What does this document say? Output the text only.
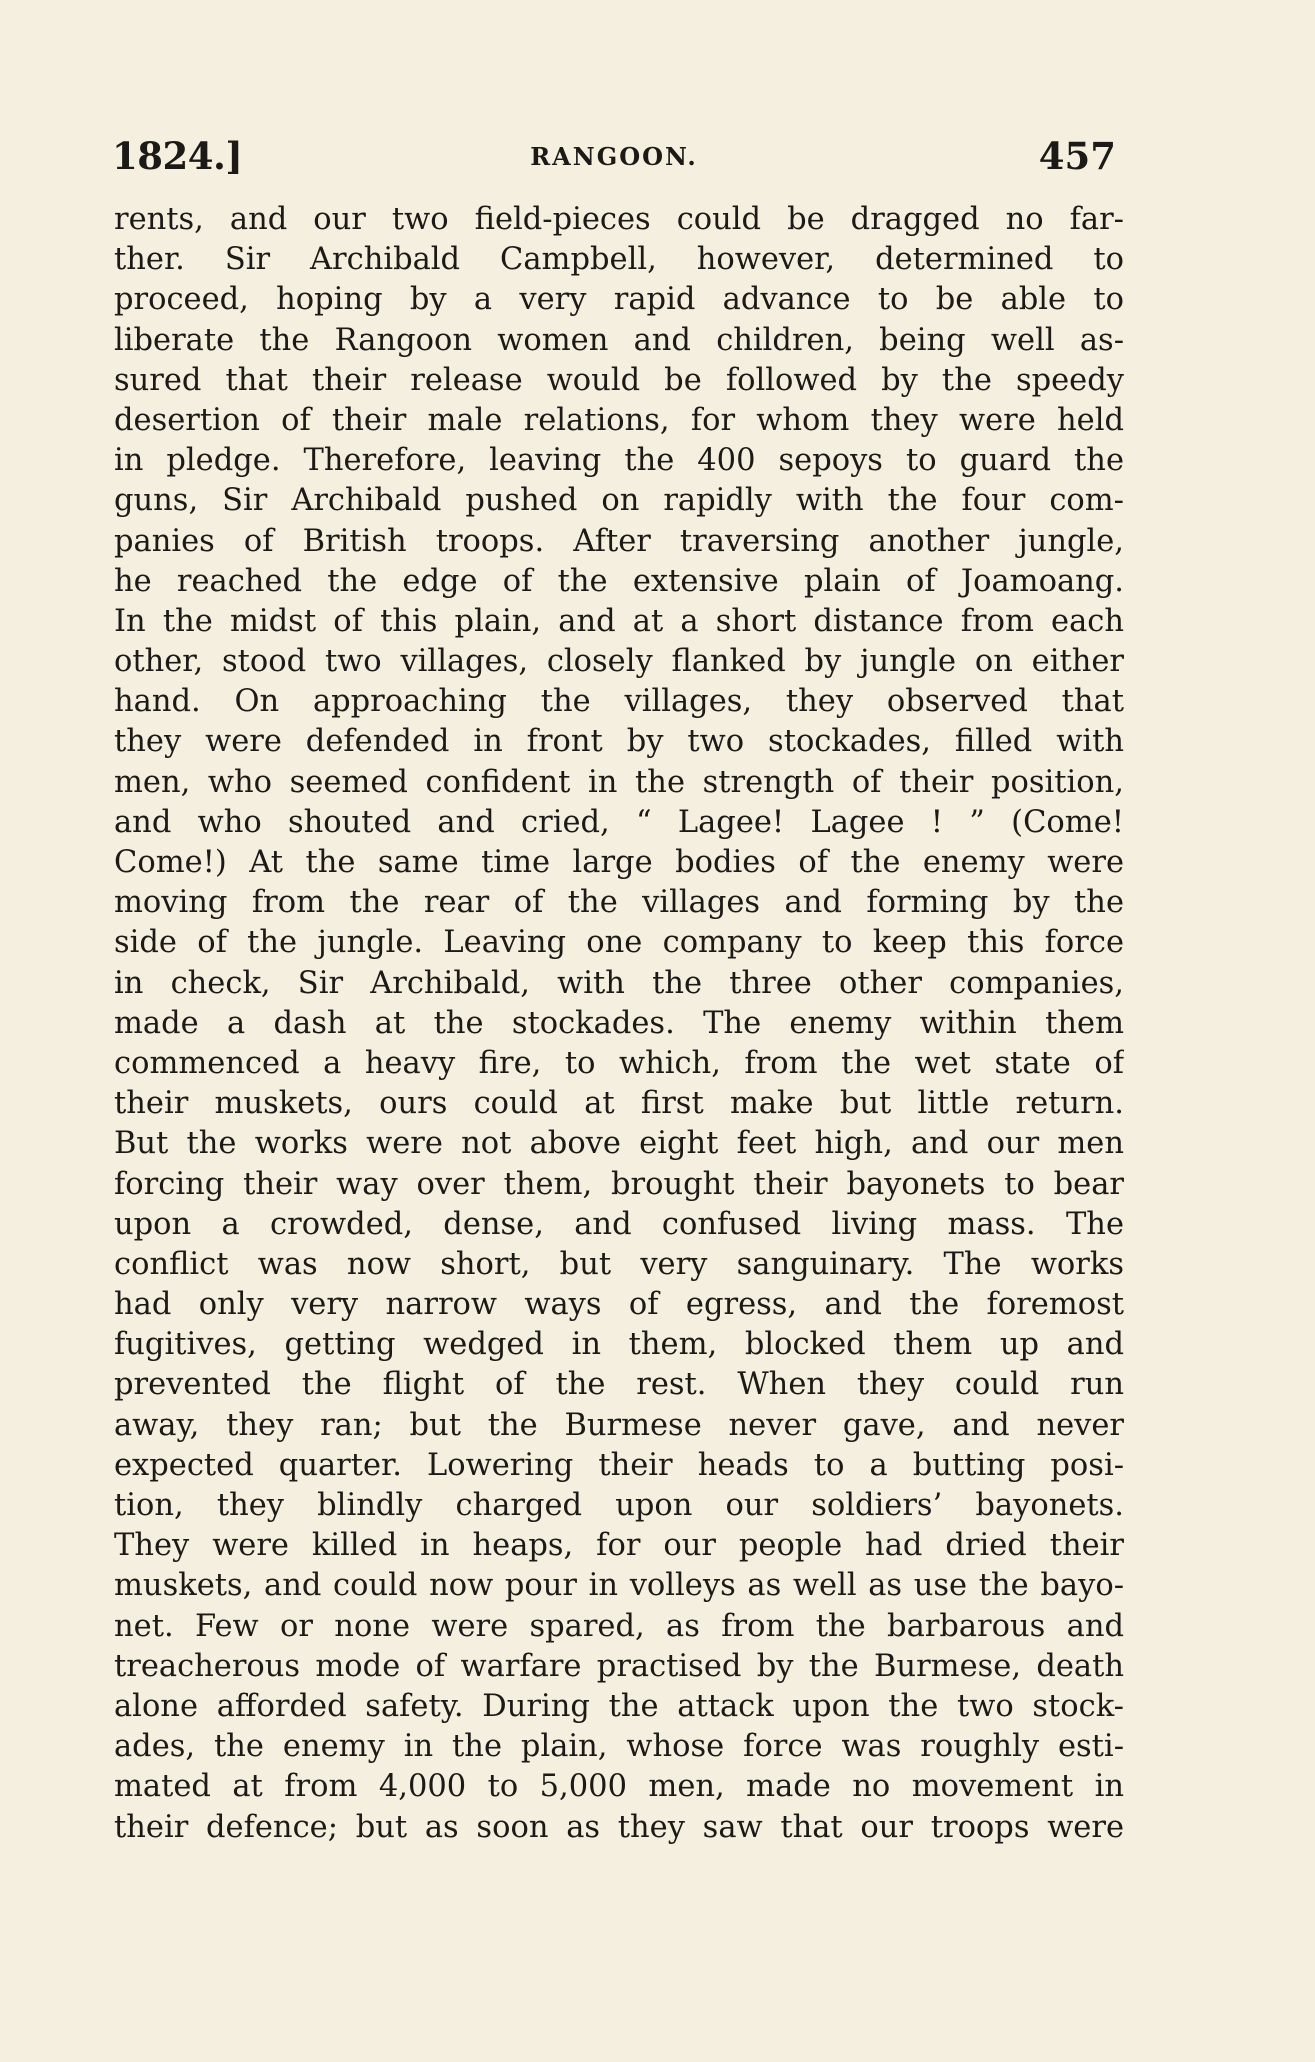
1824.]	RANGOON.	457
rents, and our two field-pieces could be dragged no far-
ther. Sir Archibald Campbell, however, determined to
proceed, hoping by a very rapid advance to be able to
liberate the Rangoon women and children, being well as-
sured that their release would be followed by the speedy
desertion of their male relations, for whom they were held
in pledge. Therefore, leaving the 400 sepoys to guard the
guns, Sir Archibald pushed on rapidly with the four com-
panies of British troops. After traversing another jungle,
he reached the edge of the extensive plain of Joamoang.
In the midst of this plain, and at a short distance from each
other, stood two villages, closely flanked by jungle on either
hand. On approaching the villages, they observed that
they were defended in front by two stockades, filled with
men, who seemed confident in the strength of their position,
and who shouted and cried, “ Lagee! Lagee ! ” (Come!
Come!) At the same time large bodies of the enemy were
moving from the rear of the villages and forming by the
side of the jungle. Leaving one company to keep this force
in check, Sir Archibald, with the three other companies,
made a dash at the stockades. The enemy within them
commenced a heavy fire, to which, from the wet state of
their muskets, ours could at first make but little return.
But the works were not above eight feet high, and our men
forcing their way over them, brought their bayonets to bear
upon a crowded, dense, and confused living mass. The
conflict was now short, but very sanguinary. The works
had only very narrow ways of egress, and the foremost
fugitives, getting wedged in them, blocked them up and
prevented the flight of the rest. When they could run
away, they ran; but the Burmese never gave, and never
expected quarter. Lowering their heads to a butting posi-
tion, they blindly charged upon our soldiers’ bayonets.
They were killed in heaps, for our people had dried their
muskets, and could now pour in volleys as well as use the bayo-
net. Few or none were spared, as from the barbarous and
treacherous mode of warfare practised by the Burmese, death
alone afforded safety. During the attack upon the two stock-
ades, the enemy in the plain, whose force was roughly esti-
mated at from 4,000 to 5,000 men, made no movement in
their defence; but as soon as they saw that our troops were
